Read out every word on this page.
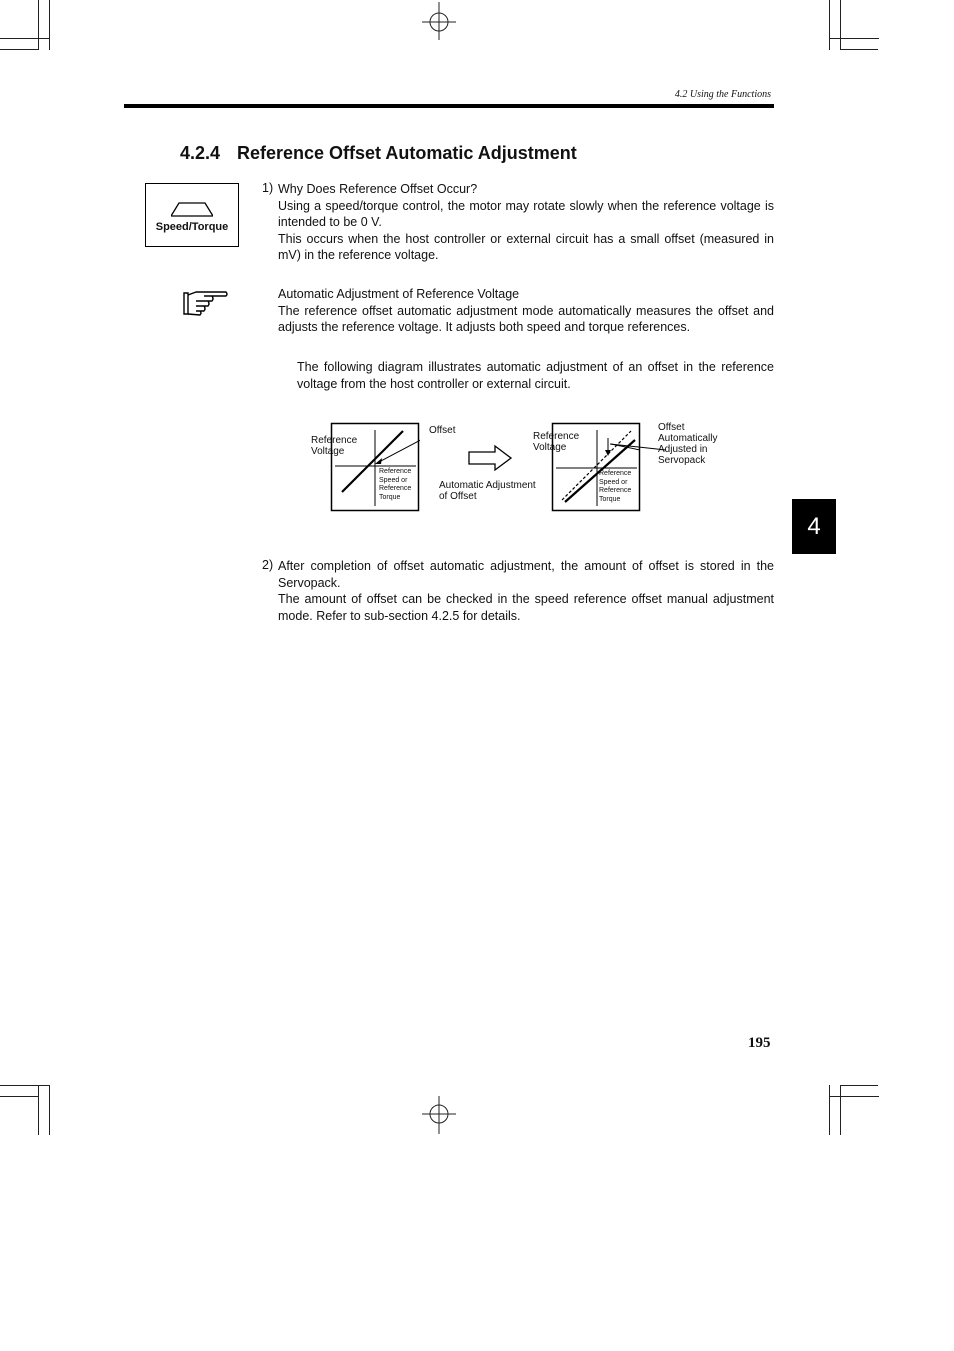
4.2 Using the Functions
4.2.4 Reference Offset Automatic Adjustment
Speed/Torque
1) Why Does Reference Offset Occur?

Using a speed/torque control, the motor may rotate slowly when the reference voltage is intended to be 0 V.

This occurs when the host controller or external circuit has a small offset (measured in mV) in the reference voltage.

Automatic Adjustment of Reference Voltage

The reference offset automatic adjustment mode automatically measures the offset and adjusts the reference voltage. It adjusts both speed and torque references.

The following diagram illustrates automatic adjustment of an offset in the reference voltage from the host controller or external circuit.
Reference
Voltage
Offset
Reference
Speed or
Reference
Torque
Automatic Adjustment
of Offset
Reference
Voltage
Reference
Speed or
Reference
Torque
Offset
Automatically
Adjusted in
Servopack
2) After completion of offset automatic adjustment, the amount of offset is stored in the Servopack.

The amount of offset can be checked in the speed reference offset manual adjustment mode. Refer to sub-section 4.2.5 for details.

4
195
